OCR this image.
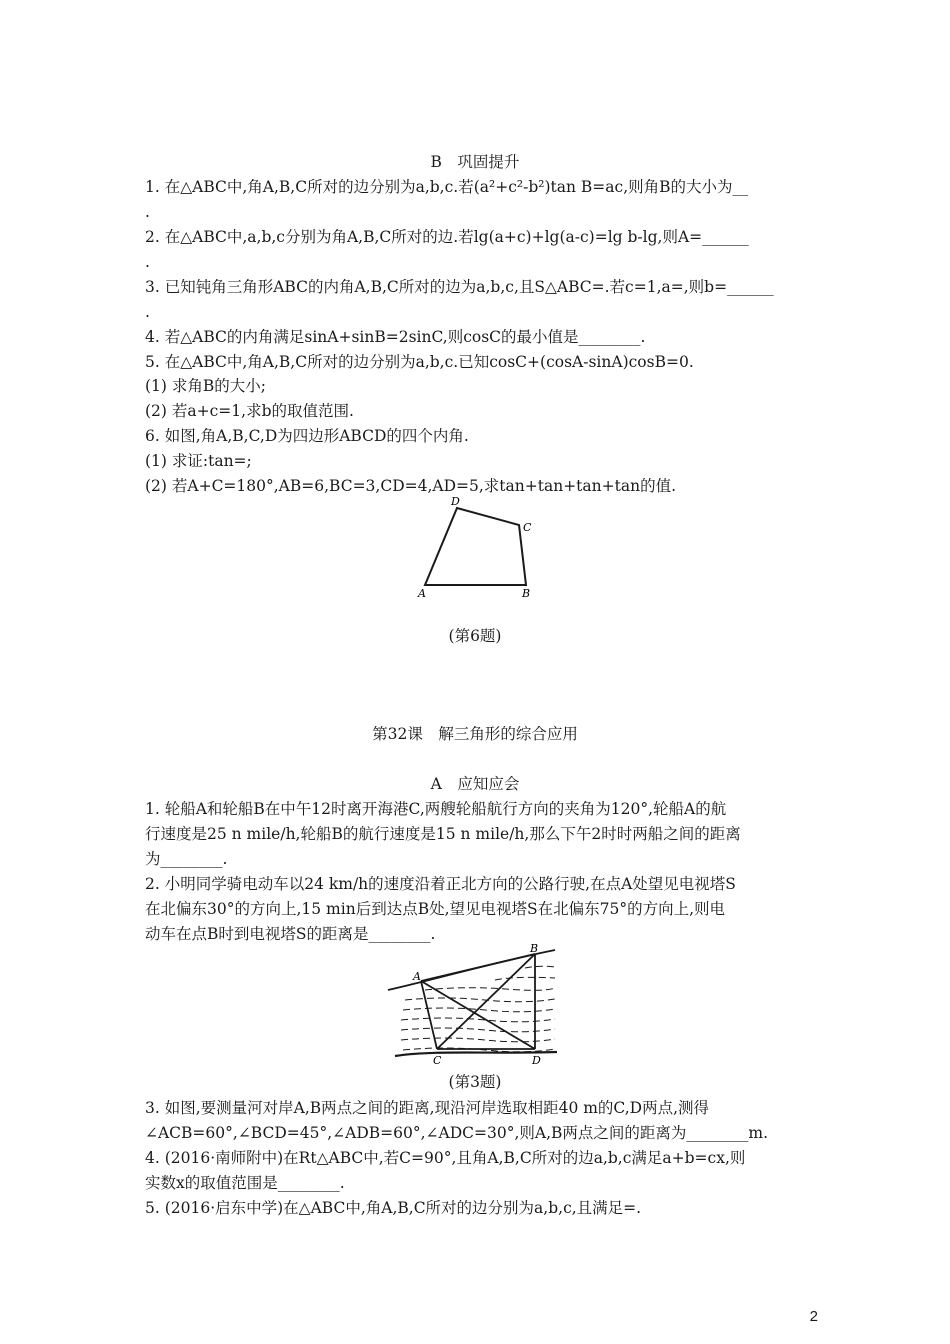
B　巩固提升
1. 在△ABC中,角A,B,C所对的边分别为a,b,c.若(a²+c²-b²)tan B=ac,则角B的大小为__
.
2. 在△ABC中,a,b,c分别为角A,B,C所对的边.若lg(a+c)+lg(a-c)=lg b-lg,则A=______
.
3. 已知钝角三角形ABC的内角A,B,C所对的边为a,b,c,且S△ABC=.若c=1,a=,则b=______
.
4. 若△ABC的内角满足sinA+sinB=2sinC,则cosC的最小值是________.
5. 在△ABC中,角A,B,C所对的边分别为a,b,c.已知cosC+(cosA-sinA)cosB=0.
(1) 求角B的大小;
(2) 若a+c=1,求b的取值范围.
6. 如图,角A,B,C,D为四边形ABCD的四个内角.
(1) 求证:tan=;
(2) 若A+C=180°,AB=6,BC=3,CD=4,AD=5,求tan+tan+tan+tan的值.
D
C
A	B
(第6题)
第32课　解三角形的综合应用
A　应知应会
1. 轮船A和轮船B在中午12时离开海港C,两艘轮船航行方向的夹角为120°,轮船A的航
行速度是25 n mile/h,轮船B的航行速度是15 n mile/h,那么下午2时时两船之间的距离
为________.
2. 小明同学骑电动车以24 km/h的速度沿着正北方向的公路行驶,在点A处望见电视塔S
在北偏东30°的方向上,15 min后到达点B处,望见电视塔S在北偏东75°的方向上,则电
动车在点B时到电视塔S的距离是________.
A
B
C	D
(第3题)
3. 如图,要测量河对岸A,B两点之间的距离,现沿河岸选取相距40 m的C,D两点,测得
∠ACB=60°,∠BCD=45°,∠ADB=60°,∠ADC=30°,则A,B两点之间的距离为________m.
4. (2016·南师附中)在Rt△ABC中,若C=90°,且角A,B,C所对的边a,b,c满足a+b=cx,则
实数x的取值范围是________.
5. (2016·启东中学)在△ABC中,角A,B,C所对的边分别为a,b,c,且满足=.
2
